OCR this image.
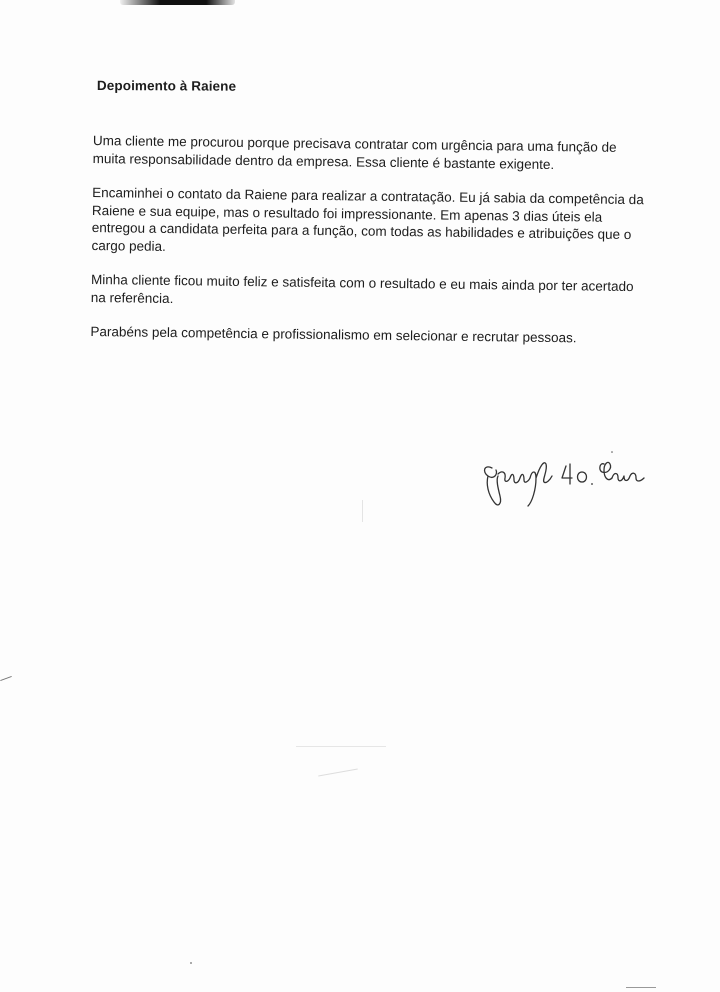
Depoimento à Raiene

Uma cliente me procurou porque precisava contratar com urgência para uma função de muita responsabilidade dentro da empresa. Essa cliente é bastante exigente.

Encaminhei o contato da Raiene para realizar a contratação. Eu já sabia da competência da Raiene e sua equipe, mas o resultado foi impressionante. Em apenas 3 dias úteis ela entregou a candidata perfeita para a função, com todas as habilidades e atribuições que o cargo pedia.

Minha cliente ficou muito feliz e satisfeita com o resultado e eu mais ainda por ter acertado na referência.

Parabéns pela competência e profissionalismo em selecionar e recrutar pessoas.
